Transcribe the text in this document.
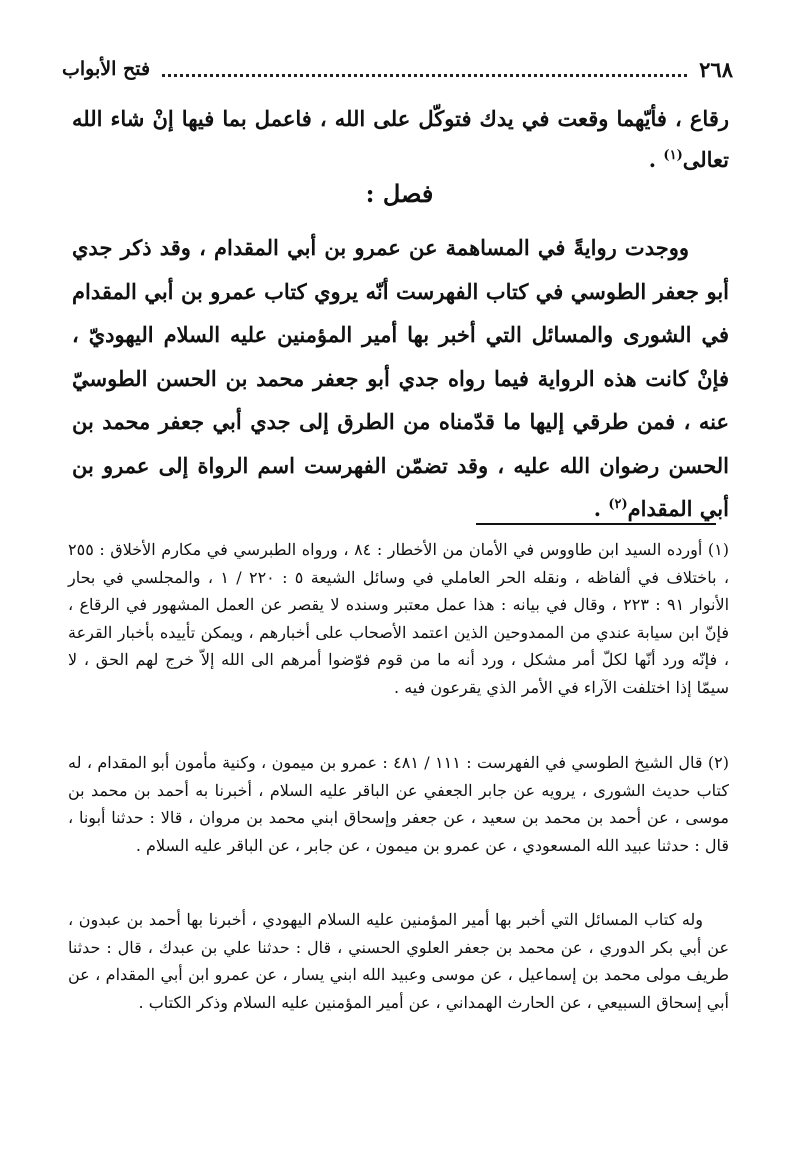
٢٦٨
فتح الأبواب
رقاع ، فأيّهما وقعت في يدك فتوكّل على الله ، فاعمل بما فيها إنْ شاء الله تعالى$^{(١)}$ .
فصل :
ووجدت روايةً في المساهمة عن عمرو بن أبي المقدام ، وقد ذكر جدي أبو جعفر الطوسي في كتاب الفهرست أنّه يروي كتاب عمرو بن أبي المقدام في الشورى والمسائل التي أخبر بها أمير المؤمنين عليه السلام اليهوديّ ، فإنْ كانت هذه الرواية فيما رواه جدي أبو جعفر محمد بن الحسن الطوسيّ عنه ، فمن طرقي إليها ما قدّمناه من الطرق إلى جدي أبي جعفر محمد بن الحسن رضوان الله عليه ، وقد تضمّن الفهرست اسم الرواة إلى عمرو بن أبي المقدام$^{(٢)}$ .
(١) أورده السيد ابن طاووس في الأمان من الأخطار : ٨٤ ، ورواه الطبرسي في مكارم الأخلاق : ٢٥٥ ، باختلاف في ألفاظه ، ونقله الحر العاملي في وسائل الشيعة ٥ : ٢٢٠ / ١ ، والمجلسي في بحار الأنوار ٩١ : ٢٢٣ ، وقال في بيانه : هذا عمل معتبر وسنده لا يقصر عن العمل المشهور في الرقاع ، فإنّ ابن سيابة عندي من الممدوحين الذين اعتمد الأصحاب على أخبارهم ، ويمكن تأييده بأخبار القرعة ، فإنّه ورد أنّها لكلّ أمر مشكل ، ورد أنه ما من قوم فوّضوا أمرهم الى الله إلاّ خرج لهم الحق ، لا سيمّا إذا اختلفت الآراء في الأمر الذي يقرعون فيه .
(٢) قال الشيخ الطوسي في الفهرست : ١١١ / ٤٨١ : عمرو بن ميمون ، وكنية مأمون أبو المقدام ، له كتاب حديث الشورى ، يرويه عن جابر الجعفي عن الباقر عليه السلام ، أخبرنا به أحمد بن محمد بن موسى ، عن أحمد بن محمد بن سعيد ، عن جعفر وإسحاق ابني محمد بن مروان ، قالا : حدثنا أبونا ، قال : حدثنا عبيد الله المسعودي ، عن عمرو بن ميمون ، عن جابر ، عن الباقر عليه السلام .
وله كتاب المسائل التي أخبر بها أمير المؤمنين عليه السلام اليهودي ، أخبرنا بها أحمد بن عبدون ، عن أبي بكر الدوري ، عن محمد بن جعفر العلوي الحسني ، قال : حدثنا علي بن عبدك ، قال : حدثنا طريف مولى محمد بن إسماعيل ، عن موسى وعبيد الله ابني يسار ، عن عمرو ابن أبي المقدام ، عن أبي إسحاق السبيعي ، عن الحارث الهمداني ، عن أمير المؤمنين عليه السلام وذكر الكتاب .
